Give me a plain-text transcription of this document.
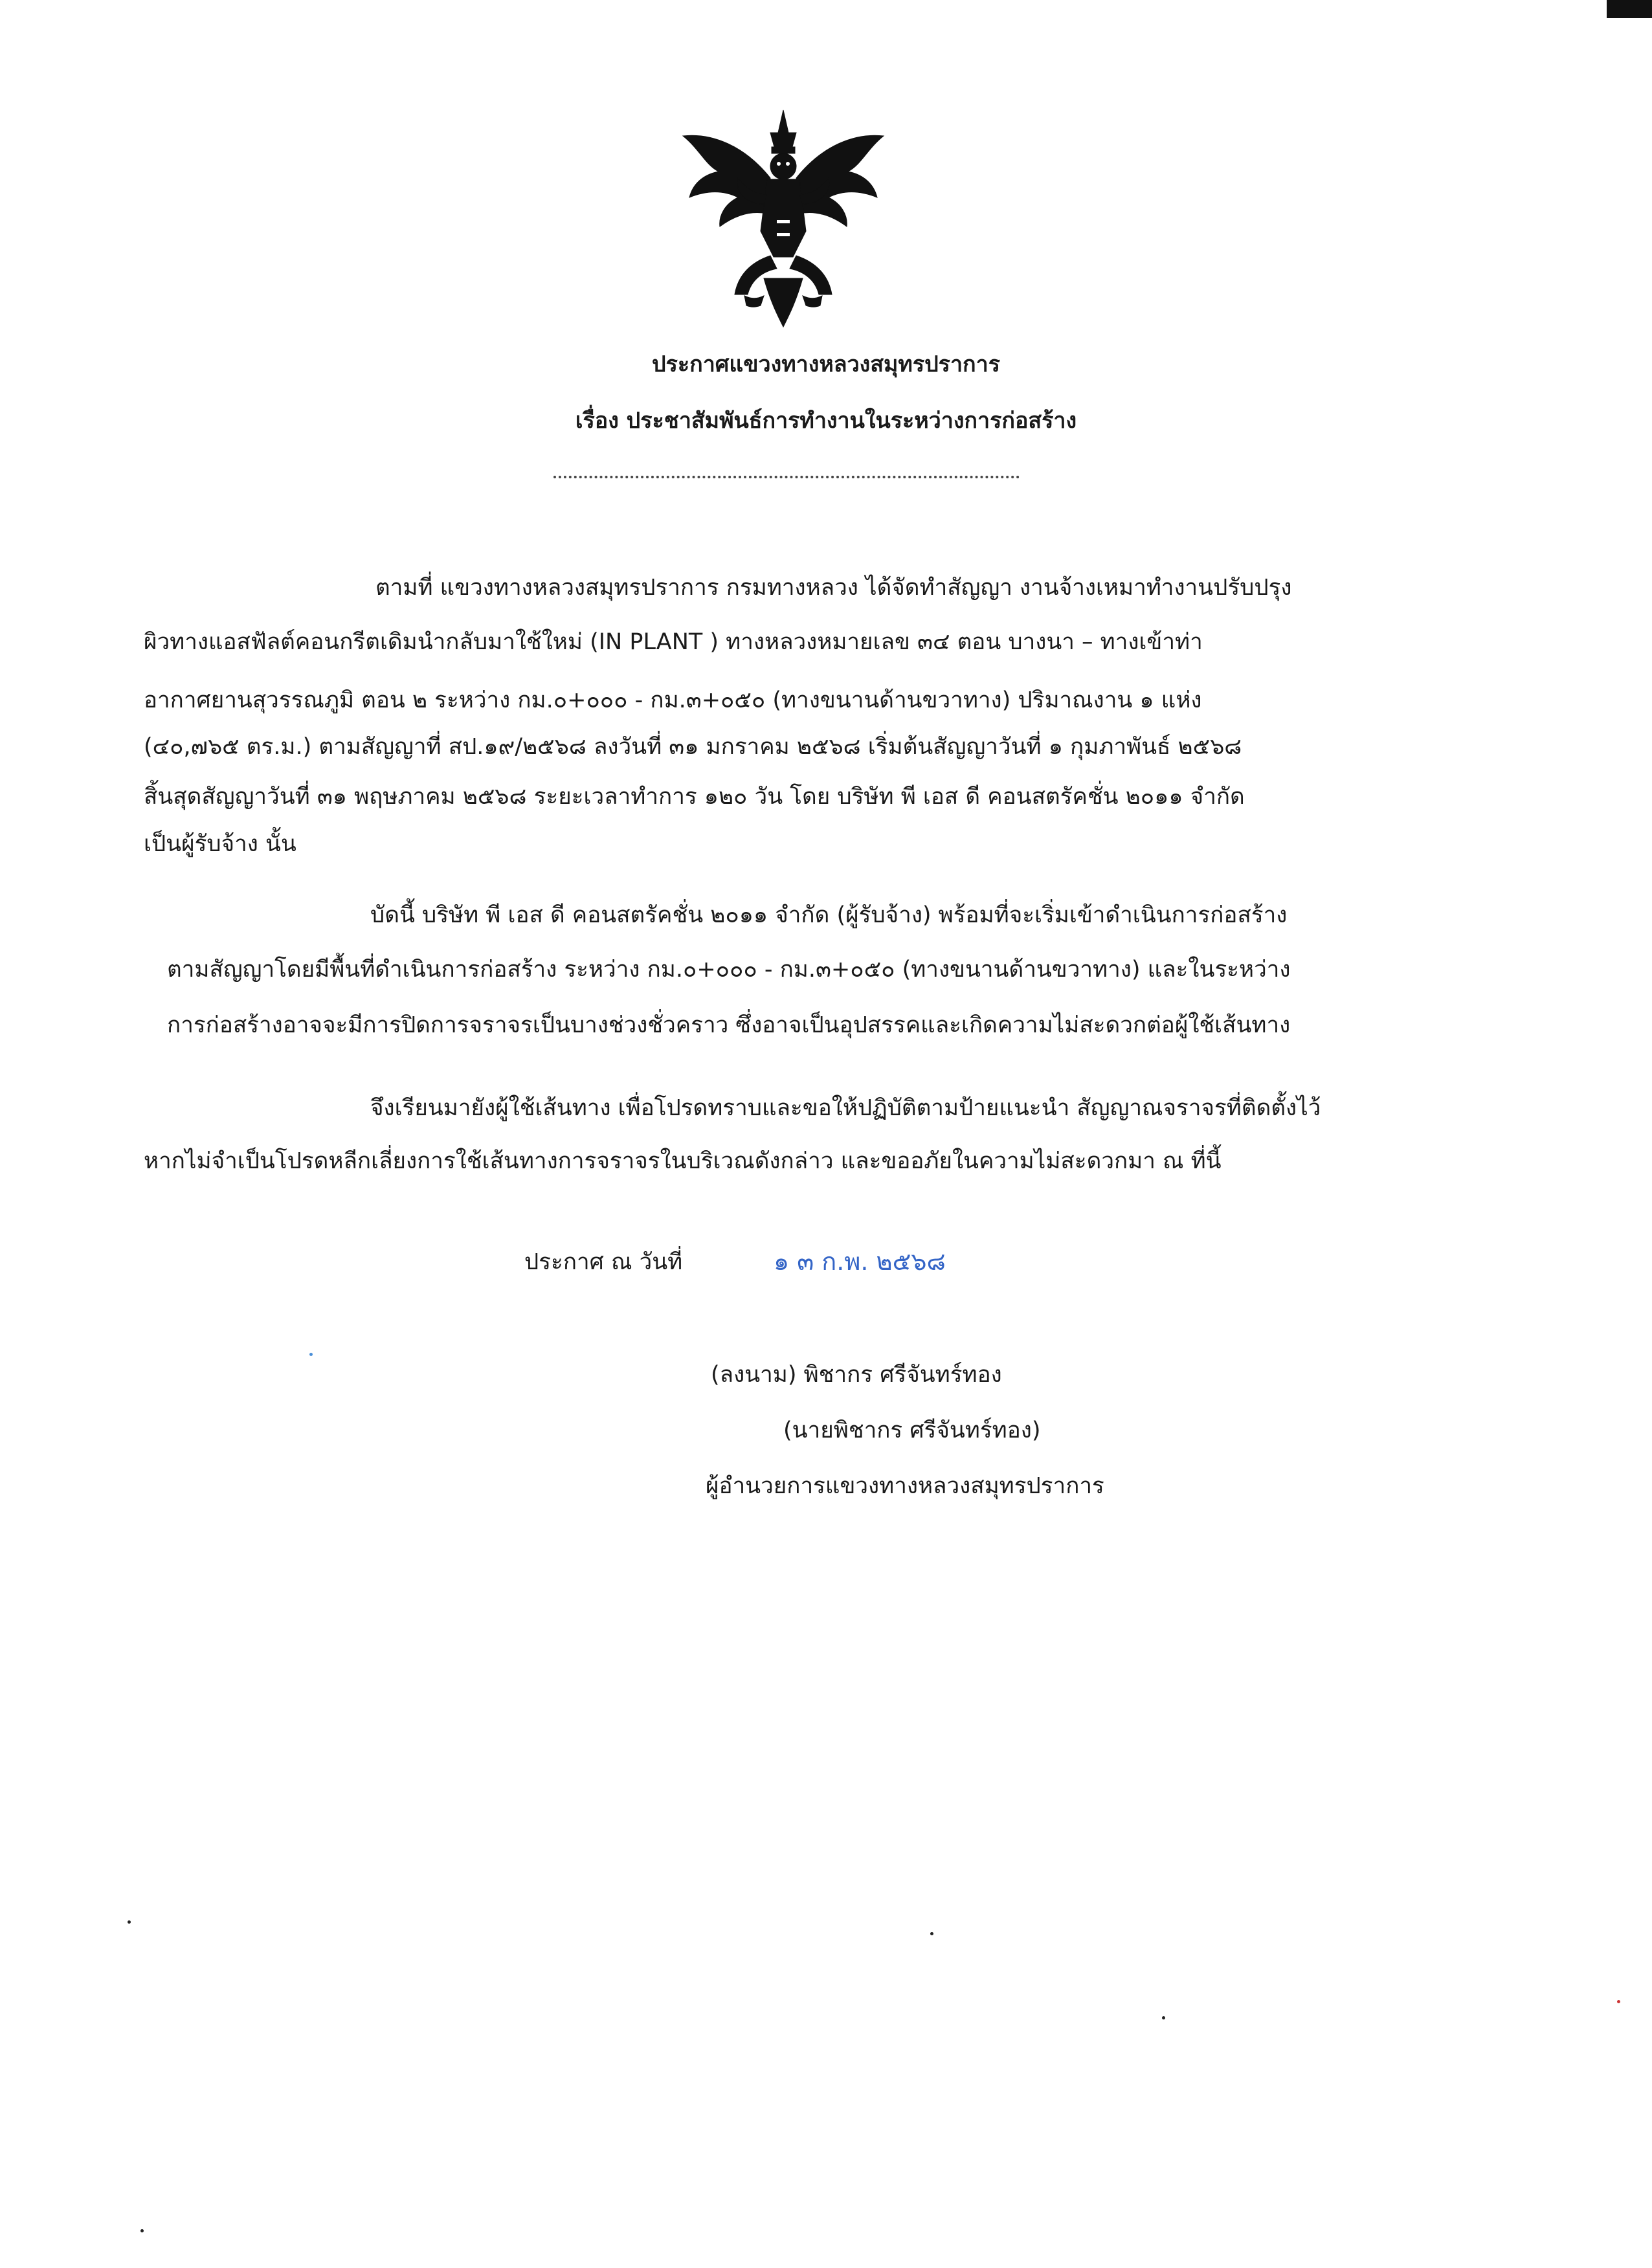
ประกาศแขวงทางหลวงสมุทรปราการ

เรื่อง ประชาสัมพันธ์การทำงานในระหว่างการก่อสร้าง

ตามที่ แขวงทางหลวงสมุทรปราการ กรมทางหลวง ได้จัดทำสัญญา งานจ้างเหมาทำงานปรับปรุง

ผิวทางแอสฟัลต์คอนกรีตเดิมนำกลับมาใช้ใหม่ (IN PLANT ) ทางหลวงหมายเลข ๓๔ ตอน บางนา – ทางเข้าท่า

อากาศยานสุวรรณภูมิ ตอน ๒ ระหว่าง กม.๐+๐๐๐ - กม.๓+๐๕๐ (ทางขนานด้านขวาทาง) ปริมาณงาน ๑ แห่ง

(๔๐,๗๖๕ ตร.ม.) ตามสัญญาที่ สป.๑๙/๒๕๖๘ ลงวันที่ ๓๑ มกราคม ๒๕๖๘ เริ่มต้นสัญญาวันที่ ๑ กุมภาพันธ์ ๒๕๖๘

สิ้นสุดสัญญาวันที่ ๓๑ พฤษภาคม ๒๕๖๘ ระยะเวลาทำการ ๑๒๐ วัน โดย บริษัท พี เอส ดี คอนสตรัคชั่น ๒๐๑๑ จำกัด

เป็นผู้รับจ้าง นั้น

บัดนี้ บริษัท พี เอส ดี คอนสตรัคชั่น ๒๐๑๑ จำกัด (ผู้รับจ้าง) พร้อมที่จะเริ่มเข้าดำเนินการก่อสร้าง

ตามสัญญาโดยมีพื้นที่ดำเนินการก่อสร้าง ระหว่าง กม.๐+๐๐๐ - กม.๓+๐๕๐ (ทางขนานด้านขวาทาง) และในระหว่าง

การก่อสร้างอาจจะมีการปิดการจราจรเป็นบางช่วงชั่วคราว ซึ่งอาจเป็นอุปสรรคและเกิดความไม่สะดวกต่อผู้ใช้เส้นทาง

จึงเรียนมายังผู้ใช้เส้นทาง เพื่อโปรดทราบและขอให้ปฏิบัติตามป้ายแนะนำ สัญญาณจราจรที่ติดตั้งไว้

หากไม่จำเป็นโปรดหลีกเลี่ยงการใช้เส้นทางการจราจรในบริเวณดังกล่าว และขออภัยในความไม่สะดวกมา ณ ที่นี้

ประกาศ ณ วันที่	๑ ๓ ก.พ. ๒๕๖๘

(ลงนาม) พิชากร ศรีจันทร์ทอง

(นายพิชากร ศรีจันทร์ทอง)

ผู้อำนวยการแขวงทางหลวงสมุทรปราการ
